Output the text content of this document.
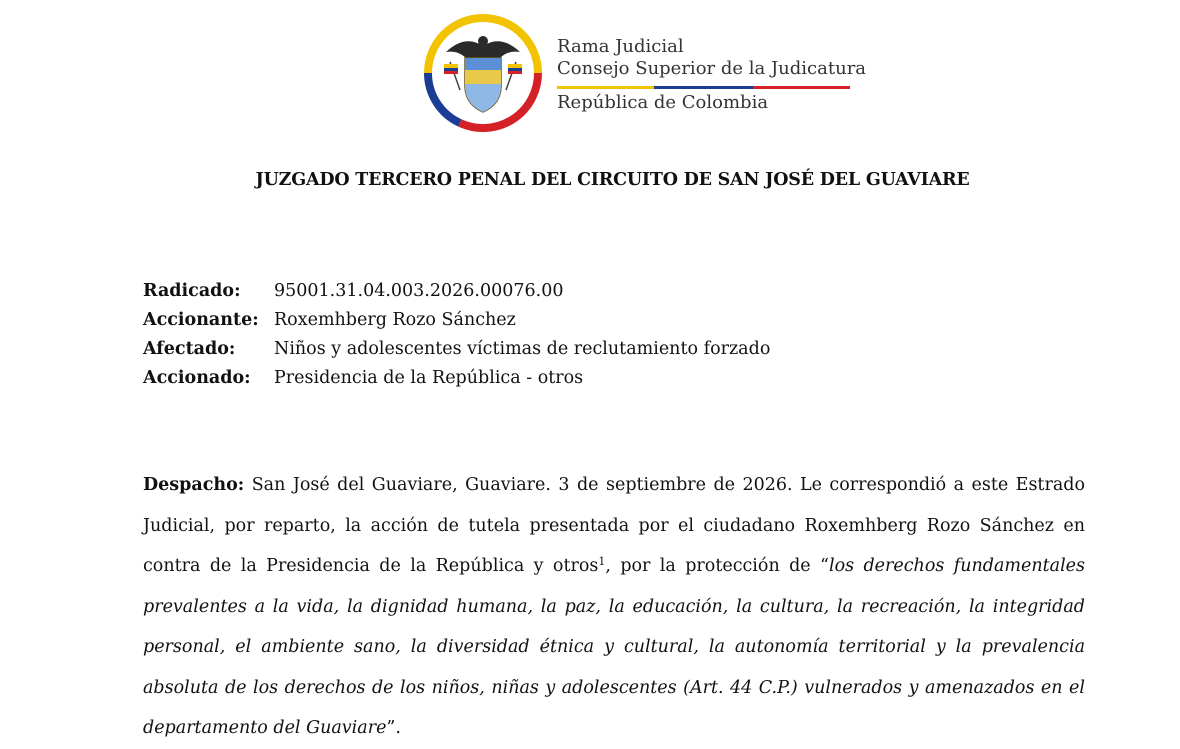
Rama Judicial
Consejo Superior de la Judicatura
República de Colombia
JUZGADO TERCERO PENAL DEL CIRCUITO DE SAN JOSÉ DEL GUAVIARE
Radicado: 95001.31.04.003.2026.00076.00
Accionante: Roxemhberg Rozo Sánchez
Afectado: Niños y adolescentes víctimas de reclutamiento forzado
Accionado: Presidencia de la República - otros
Despacho: San José del Guaviare, Guaviare. 3 de septiembre de 2026. Le correspondió a este Estrado Judicial, por reparto, la acción de tutela presentada por el ciudadano Roxemhberg Rozo Sánchez en contra de la Presidencia de la República y otros$^1$, por la protección de “los derechos fundamentales prevalentes a la vida, la dignidad humana, la paz, la educación, la cultura, la recreación, la integridad personal, el ambiente sano, la diversidad étnica y cultural, la autonomía territorial y la prevalencia absoluta de los derechos de los niños, niñas y adolescentes (Art. 44 C.P.) vulnerados y amenazados en el departamento del Guaviare”.
